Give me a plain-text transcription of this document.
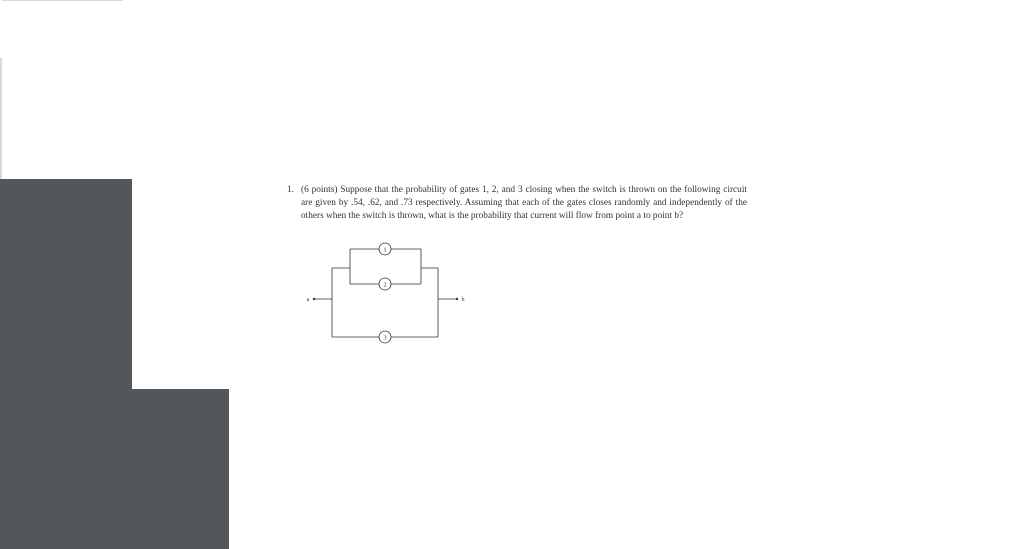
1. (6 points) Suppose that the probability of gates 1, 2, and 3 closing when the switch is thrown on the following circuit are given by .54, .62, and .73 respectively. Assuming that each of the gates closes randomly and independently of the others when the switch is thrown, what is the probability that current will flow from point a to point b?
1
2
3
a	b
